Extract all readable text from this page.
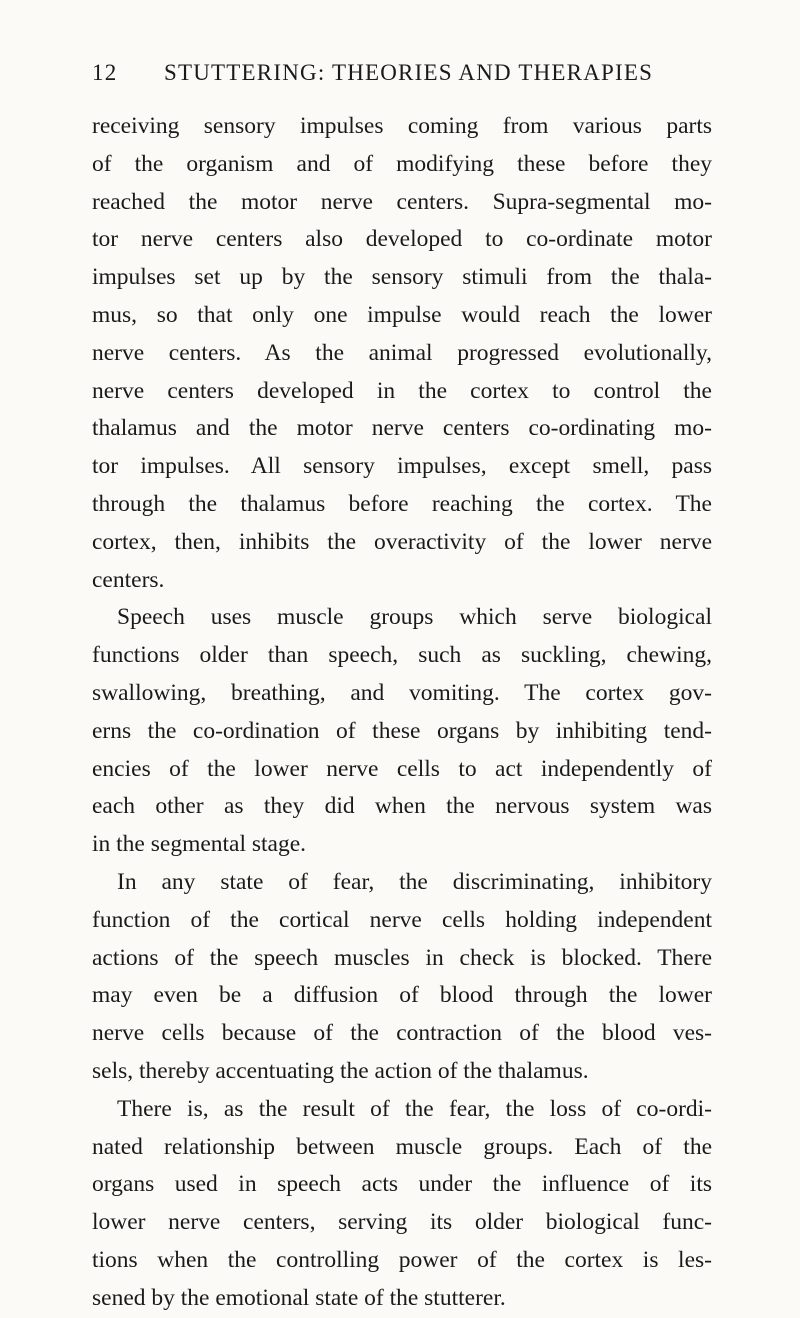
12 STUTTERING: THEORIES AND THERAPIES
receiving sensory impulses coming from various parts
of the organism and of modifying these before they
reached the motor nerve centers. Supra-segmental mo-
tor nerve centers also developed to co-ordinate motor
impulses set up by the sensory stimuli from the thala-
mus, so that only one impulse would reach the lower
nerve centers. As the animal progressed evolutionally,
nerve centers developed in the cortex to control the
thalamus and the motor nerve centers co-ordinating mo-
tor impulses. All sensory impulses, except smell, pass
through the thalamus before reaching the cortex. The
cortex, then, inhibits the overactivity of the lower nerve
centers.
Speech uses muscle groups which serve biological
functions older than speech, such as suckling, chewing,
swallowing, breathing, and vomiting. The cortex gov-
erns the co-ordination of these organs by inhibiting tend-
encies of the lower nerve cells to act independently of
each other as they did when the nervous system was
in the segmental stage.
In any state of fear, the discriminating, inhibitory
function of the cortical nerve cells holding independent
actions of the speech muscles in check is blocked. There
may even be a diffusion of blood through the lower
nerve cells because of the contraction of the blood ves-
sels, thereby accentuating the action of the thalamus.
There is, as the result of the fear, the loss of co-ordi-
nated relationship between muscle groups. Each of the
organs used in speech acts under the influence of its
lower nerve centers, serving its older biological func-
tions when the controlling power of the cortex is les-
sened by the emotional state of the stutterer.
